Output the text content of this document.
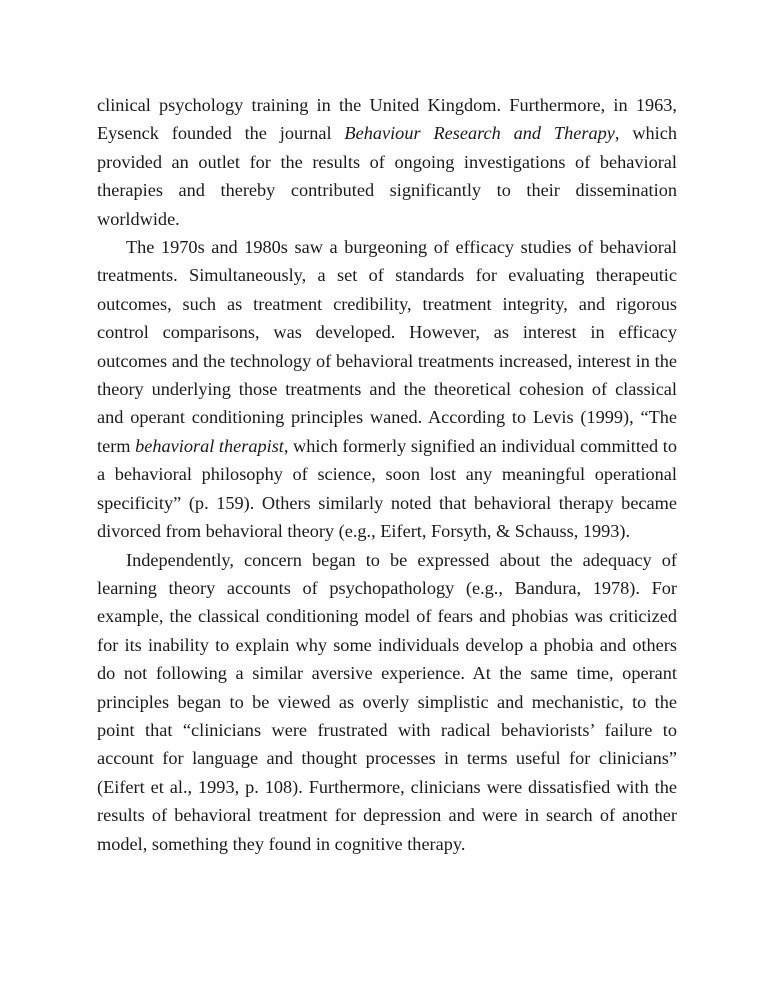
clinical psychology training in the United Kingdom. Furthermore, in 1963, Eysenck founded the journal Behaviour Research and Therapy, which provided an outlet for the results of ongoing investigations of behavioral therapies and thereby contributed significantly to their dissemination worldwide.

The 1970s and 1980s saw a burgeoning of efficacy studies of behavioral treatments. Simultaneously, a set of standards for evaluating therapeutic outcomes, such as treatment credibility, treatment integrity, and rigorous control comparisons, was developed. However, as interest in efficacy outcomes and the technology of behavioral treatments increased, interest in the theory underlying those treatments and the theoretical cohesion of classical and operant conditioning principles waned. According to Levis (1999), “The term behavioral therapist, which formerly signified an individual committed to a behavioral philosophy of science, soon lost any meaningful operational specificity” (p. 159). Others similarly noted that behavioral therapy became divorced from behavioral theory (e.g., Eifert, Forsyth, & Schauss, 1993).

Independently, concern began to be expressed about the adequacy of learning theory accounts of psychopathology (e.g., Bandura, 1978). For example, the classical conditioning model of fears and phobias was criticized for its inability to explain why some individuals develop a phobia and others do not following a similar aversive experience. At the same time, operant principles began to be viewed as overly simplistic and mechanistic, to the point that “clinicians were frustrated with radical behaviorists’ failure to account for language and thought processes in terms useful for clinicians” (Eifert et al., 1993, p. 108). Furthermore, clinicians were dissatisfied with the results of behavioral treatment for depression and were in search of another model, something they found in cognitive therapy.
